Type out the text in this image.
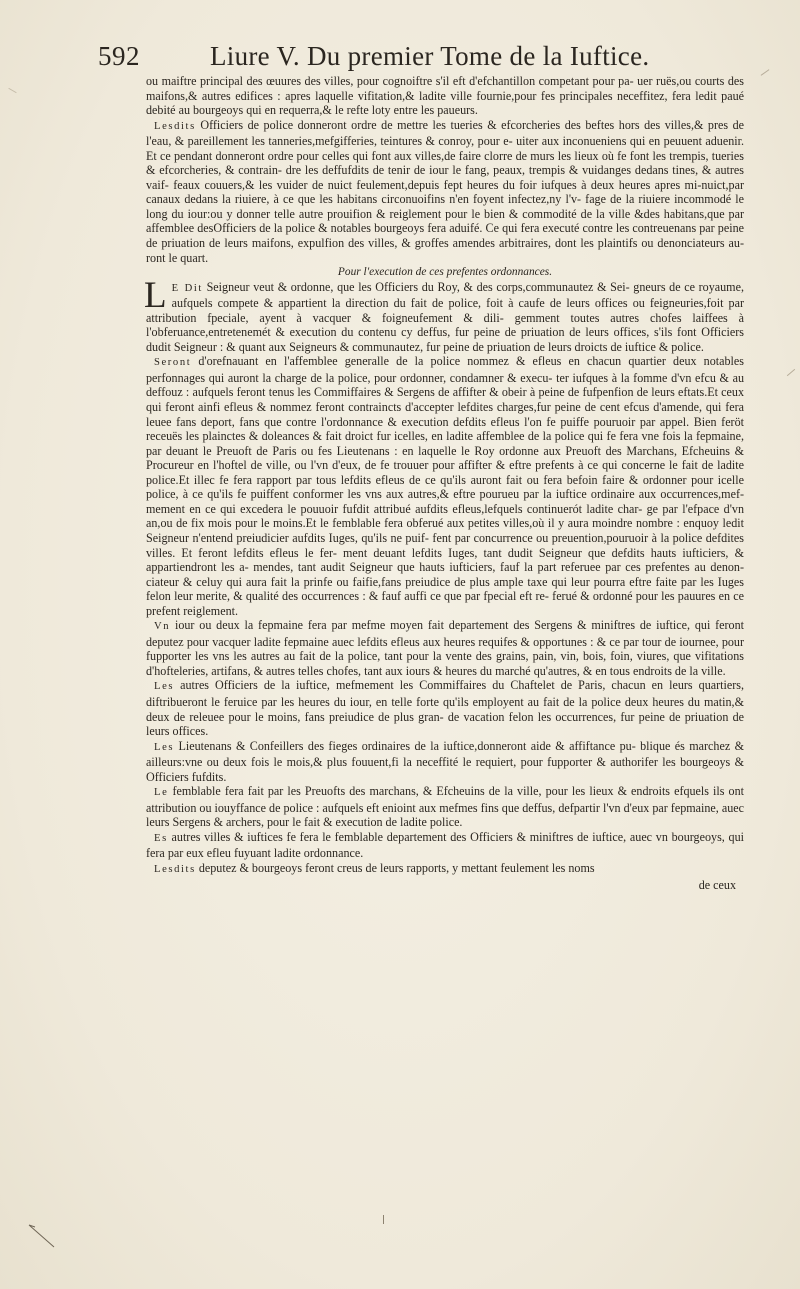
592	Liure V. Du premier Tome de la Iuftice.

ou maiftre principal des œuures des villes, pour cognoiftre s'il eft d'efchantillon competant pour pa- uer ruës,ou courts des maifons,& autres edifices : apres laquelle vifitation,& ladite ville fournie,pour fes principales neceffitez, fera ledit paué debité au bourgeoys qui en requerra,& le refte loty entre les paueurs.

Lesdits Officiers de police donneront ordre de mettre les tueries & efcorcheries des beftes hors des villes,& pres de l'eau, & pareillement les tanneries,mefgifferies, teintures & conroy, pour e- uiter aux inconueniens qui en peuuent aduenir. Et ce pendant donneront ordre pour celles qui font aux villes,de faire clorre de murs les lieux où fe font les trempis, tueries & efcorcheries, & contrain- dre les deffufdits de tenir de iour le fang, peaux, trempis & vuidanges dedans tines, & autres vaif- feaux couuers,& les vuider de nuict feulement,depuis fept heures du foir iufques à deux heures apres mi-nuict,par canaux dedans la riuiere, à ce que les habitans circonuoifins n'en foyent infectez,ny l'v- fage de la riuiere incommodé le long du iour:ou y donner telle autre prouifion & reiglement pour le bien & commodité de la ville &des habitans,que par affemblee desOfficiers de la police & notables bourgeoys fera aduifé. Ce qui fera executé contre les contreuenans par peine de priuation de leurs maifons, expulfion des villes, & groffes amendes arbitraires, dont les plaintifs ou denonciateurs au- ront le quart.

Pour l'execution de ces prefentes ordonnances.

L E Dit Seigneur veut & ordonne, que les Officiers du Roy, & des corps,communautez & Sei- gneurs de ce royaume, aufquels compete & appartient la direction du fait de police, foit à caufe de leurs offices ou feigneuries,foit par attribution fpeciale, ayent à vacquer & foigneufement & dili- gemment toutes autres chofes laiffees à l'obferuance,entretenemét & execution du contenu cy deffus, fur peine de priuation de leurs offices, s'ils font Officiers dudit Seigneur : & quant aux Seigneurs & communautez, fur peine de priuation de leurs droicts de iuftice & police.

Seront d'orefnauant en l'affemblee generalle de la police nommez & efleus en chacun quartier deux notables perfonnages qui auront la charge de la police, pour ordonner, condamner & execu- ter iufques à la fomme d'vn efcu & au deffouz : aufquels feront tenus les Commiffaires & Sergens de affifter & obeir à peine de fufpenfion de leurs eftats.Et ceux qui feront ainfi efleus & nommez feront contraincts d'accepter lefdites charges,fur peine de cent efcus d'amende, qui fera leuee fans deport, fans que contre l'ordonnance & execution defdits efleus l'on fe puiffe pouruoir par appel. Bien feröt receuës les plainctes & doleances & fait droict fur icelles, en ladite affemblee de la police qui fe fera vne fois la fepmaine, par deuant le Preuoft de Paris ou fes Lieutenans : en laquelle le Roy ordonne aux Preuoft des Marchans, Efcheuins & Procureur en l'hoftel de ville, ou l'vn d'eux, de fe trouuer pour affifter & eftre prefents à ce qui concerne le fait de ladite police.Et illec fe fera rapport par tous lefdits efleus de ce qu'ils auront fait ou fera befoin faire & ordonner pour icelle police, à ce qu'ils fe puiffent conformer les vns aux autres,& eftre pourueu par la iuftice ordinaire aux occurrences,mef- mement en ce qui excedera le pouuoir fufdit attribué aufdits efleus,lefquels continuerót ladite char- ge par l'efpace d'vn an,ou de fix mois pour le moins.Et le femblable fera obferué aux petites villes,où il y aura moindre nombre : enquoy ledit Seigneur n'entend preiudicier aufdits Iuges, qu'ils ne puif- fent par concurrence ou preuention,pouruoir à la police defdites villes. Et feront lefdits efleus le fer- ment deuant lefdits Iuges, tant dudit Seigneur que defdits hauts iufticiers, & appartiendront les a- mendes, tant audit Seigneur que hauts iufticiers, fauf la part referuee par ces prefentes au denon- ciateur & celuy qui aura fait la prinfe ou faifie,fans preiudice de plus ample taxe qui leur pourra eftre faite par les Iuges felon leur merite, & qualité des occurrences : & fauf auffi ce que par fpecial eft re- ferué & ordonné pour les pauures en ce prefent reiglement.

Vn iour ou deux la fepmaine fera par mefme moyen fait departement des Sergens & miniftres de iuftice, qui feront deputez pour vacquer ladite fepmaine auec lefdits efleus aux heures requifes & opportunes : & ce par tour de iournee, pour fupporter les vns les autres au fait de la police, tant pour la vente des grains, pain, vin, bois, foin, viures, que vifitations d'hofteleries, artifans, & autres telles chofes, tant aux iours & heures du marché qu'autres, & en tous endroits de la ville.

Les autres Officiers de la iuftice, mefmement les Commiffaires du Chaftelet de Paris, chacun en leurs quartiers, diftribueront le feruice par les heures du iour, en telle forte qu'ils employent au fait de la police deux heures du matin,& deux de releuee pour le moins, fans preiudice de plus gran- de vacation felon les occurrences, fur peine de priuation de leurs offices.

Les Lieutenans & Confeillers des fieges ordinaires de la iuftice,donneront aide & affiftance pu- blique és marchez & ailleurs:vne ou deux fois le mois,& plus fouuent,fi la neceffité le requiert, pour fupporter & authorifer les bourgeoys & Officiers fufdits.

Le femblable fera fait par les Preuofts des marchans, & Efcheuins de la ville, pour les lieux & endroits efquels ils ont attribution ou iouyffance de police : aufquels eft enioint aux mefmes fins que deffus, defpartir l'vn d'eux par fepmaine, auec leurs Sergens & archers, pour le fait & execution de ladite police.

Es autres villes & iuftices fe fera le femblable departement des Officiers & miniftres de iuftice, auec vn bourgeoys, qui fera par eux efleu fuyuant ladite ordonnance.

Lesdits deputez & bourgeoys feront creus de leurs rapports, y mettant feulement les noms

de ceux
